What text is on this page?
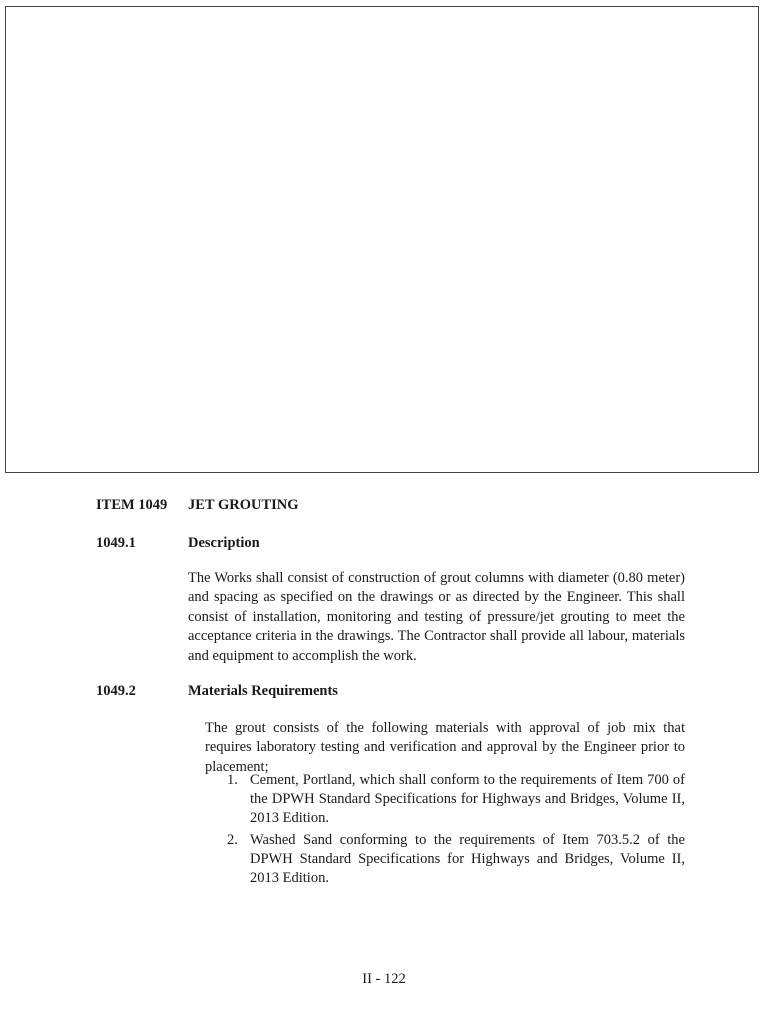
ITEM 1049 JET GROUTING
1049.1	Description
The Works shall consist of construction of grout columns with diameter (0.80 meter) and spacing as specified on the drawings or as directed by the Engineer. This shall consist of installation, monitoring and testing of pressure/jet grouting to meet the acceptance criteria in the drawings. The Contractor shall provide all labour, materials and equipment to accomplish the work.
1049.2	Materials Requirements
The grout consists of the following materials with approval of job mix that requires laboratory testing and verification and approval by the Engineer prior to placement;
1. Cement, Portland, which shall conform to the requirements of Item 700 of the DPWH Standard Specifications for Highways and Bridges, Volume II, 2013 Edition.
2. Washed Sand conforming to the requirements of Item 703.5.2 of the DPWH Standard Specifications for Highways and Bridges, Volume II, 2013 Edition.
II - 122
